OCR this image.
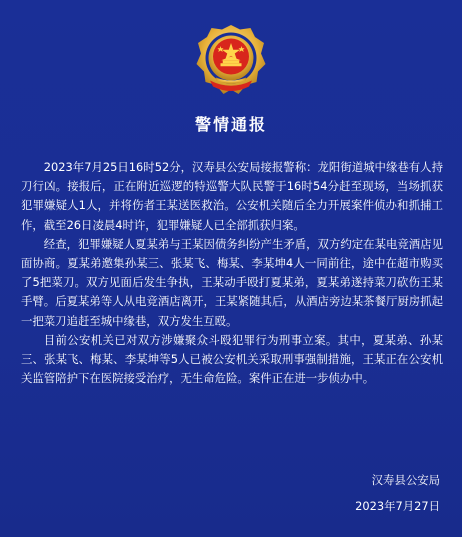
警情通报

2023年7月25日16时52分，汉寿县公安局接报警称：龙阳街道城中缘巷有人持刀行凶。接报后，正在附近巡逻的特巡警大队民警于16时54分赶至现场，当场抓获犯罪嫌疑人1人，并将伤者王某送医救治。公安机关随后全力开展案件侦办和抓捕工作，截至26日凌晨4时许，犯罪嫌疑人已全部抓获归案。

经查，犯罪嫌疑人夏某弟与王某因债务纠纷产生矛盾，双方约定在某电竞酒店见面协商。夏某弟邀集孙某三、张某飞、梅某、李某坤4人一同前往，途中在超市购买了5把菜刀。双方见面后发生争执，王某动手殴打夏某弟，夏某弟遂持菜刀砍伤王某手臂。后夏某弟等人从电竞酒店离开，王某紧随其后，从酒店旁边某茶餐厅厨房抓起一把菜刀追赶至城中缘巷，双方发生互殴。

目前公安机关已对双方涉嫌聚众斗殴犯罪行为刑事立案。其中，夏某弟、孙某三、张某飞、梅某、李某坤等5人已被公安机关采取刑事强制措施，王某正在公安机关监管陪护下在医院接受治疗，无生命危险。案件正在进一步侦办中。

汉寿县公安局
2023年7月27日
